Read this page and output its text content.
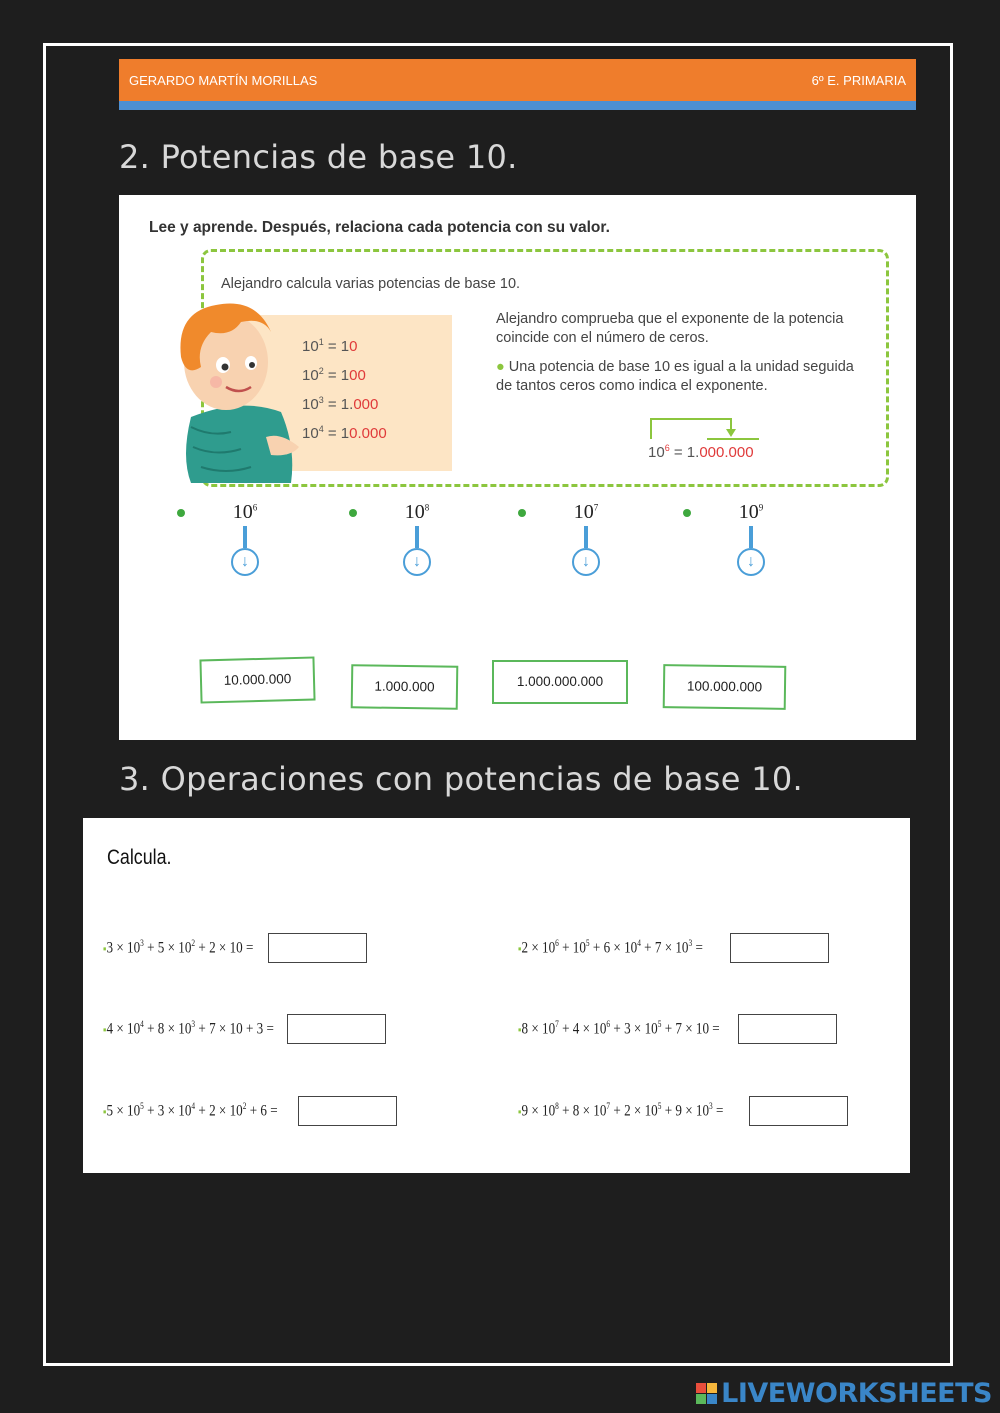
GERARDO MARTÍN MORILLAS	6º E. PRIMARIA
2. Potencias de base 10.
Lee y aprende. Después, relaciona cada potencia con su valor.
Alejandro calcula varias potencias de base 10.
$10^1 = 10$
$10^2 = 100$
$10^3 = 1.000$
$10^4 = 10.000$
Alejandro comprueba que el exponente de la potencia coincide con el número de ceros.
● Una potencia de base 10 es igual a la unidad seguida de tantos ceros como indica el exponente.
$10^6 = 1.000.000$
$10^6$
↓
$10^8$
↓
$10^7$
↓
$10^9$
↓
10.000.000	1.000.000	1.000.000.000	100.000.000
3. Operaciones con potencias de base 10.
Calcula.
▪3 × $10^3 + 5 \times 10^2 + 2 \times 10$ =	▪2 × $10^6 + 10^5 + 6 \times 10^4 + 7 \times 10^3$ =
▪4 × $10^4 + 8 \times 10^3 + 7 \times 10 + 3$ =	▪8 × $10^7 + 4 \times 10^6 + 3 \times 10^5 + 7 \times 10$ =
▪5 × $10^5 + 3 \times 10^4 + 2 \times 10^2 + 6$ =	▪9 × $10^8 + 8 \times 10^7 + 2 \times 10^5 + 9 \times 10^3$ =
LIVEWORKSHEETS
